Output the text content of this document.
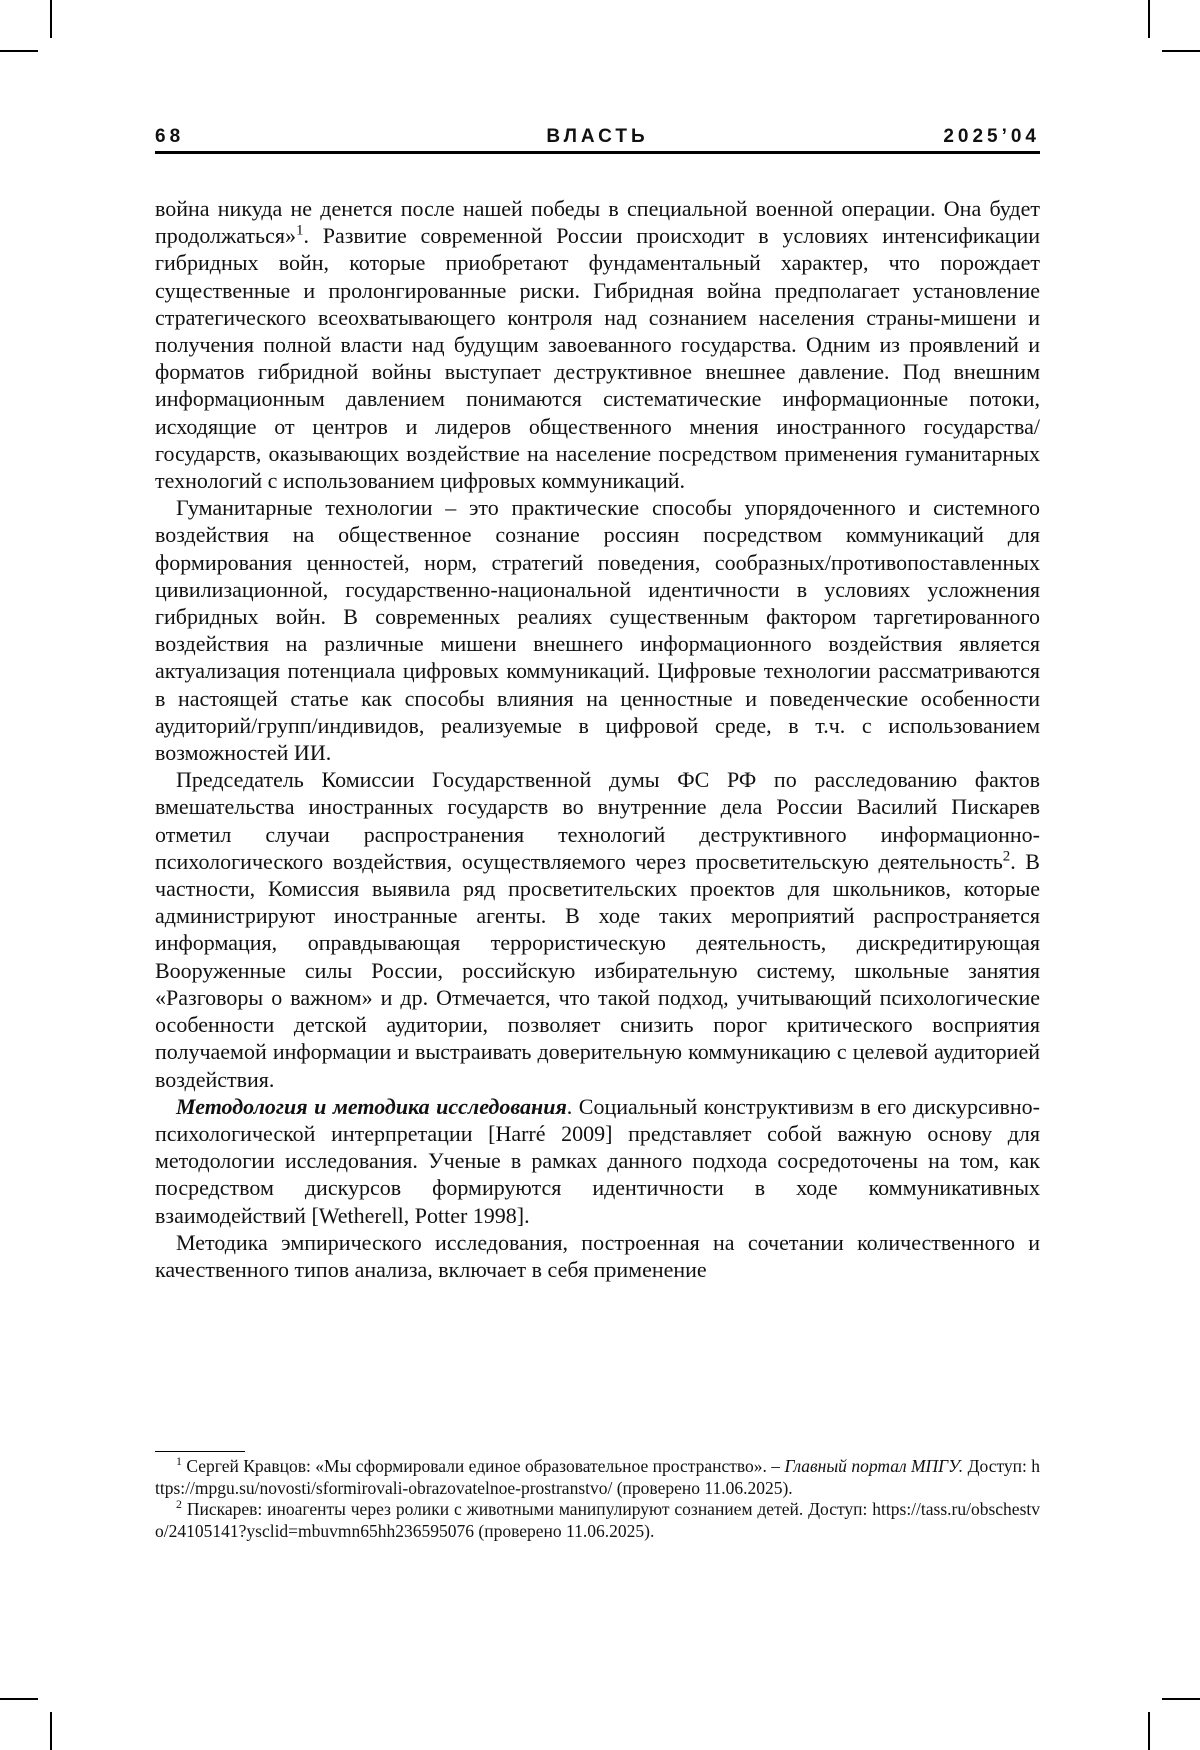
68	ВЛАСТЬ	2025’04

война никуда не денется после нашей победы в специальной военной операции. Она будет продолжаться»$^1$. Развитие современной России происходит в условиях интенсификации гибридных войн, которые приобретают фундаментальный характер, что порождает существенные и пролонгированные риски. Гибридная война предполагает установление стратегического всеохватывающего контроля над сознанием населения страны-мишени и получения полной власти над будущим завоеванного государства. Одним из проявлений и форматов гибридной войны выступает деструктивное внешнее давление. Под внешним информационным давлением понимаются систематические информационные потоки, исходящие от центров и лидеров общественного мнения иностранного государства/государств, оказывающих воздействие на население посредством применения гуманитарных технологий с использованием цифровых коммуникаций.

Гуманитарные технологии – это практические способы упорядоченного и системного воздействия на общественное сознание россиян посредством коммуникаций для формирования ценностей, норм, стратегий поведения, сообразных/противопоставленных цивилизационной, государственно-национальной идентичности в условиях усложнения гибридных войн. В современных реалиях существенным фактором таргетированного воздействия на различные мишени внешнего информационного воздействия является актуализация потенциала цифровых коммуникаций. Цифровые технологии рассматриваются в настоящей статье как способы влияния на ценностные и поведенческие особенности аудиторий/групп/индивидов, реализуемые в цифровой среде, в т.ч. с использованием возможностей ИИ.

Председатель Комиссии Государственной думы ФС РФ по расследованию фактов вмешательства иностранных государств во внутренние дела России Василий Пискарев отметил случаи распространения технологий деструктивного информационно-психологического воздействия, осуществляемого через просветительскую деятельность$^2$. В частности, Комиссия выявила ряд просветительских проектов для школьников, которые администрируют иностранные агенты. В ходе таких мероприятий распространяется информация, оправдывающая террористическую деятельность, дискредитирующая Вооруженные силы России, российскую избирательную систему, школьные занятия «Разговоры о важном» и др. Отмечается, что такой подход, учитывающий психологические особенности детской аудитории, позволяет снизить порог критического восприятия получаемой информации и выстраивать доверительную коммуникацию с целевой аудиторией воздействия.

Методология и методика исследования. Социальный конструктивизм в его дискурсивно-психологической интерпретации [Harré 2009] представляет собой важную основу для методологии исследования. Ученые в рамках данного подхода сосредоточены на том, как посредством дискурсов формируются идентичности в ходе коммуникативных взаимодействий [Wetherell, Potter 1998].

Методика эмпирического исследования, построенная на сочетании количественного и качественного типов анализа, включает в себя применение

$^1$ Сергей Кравцов: «Мы сформировали единое образовательное пространство». – Главный портал МПГУ. Доступ: https://mpgu.su/novosti/sformirovali-obrazovatelnoe-prostranstvo/ (проверено 11.06.2025).

$^2$ Пискарев: иноагенты через ролики с животными манипулируют сознанием детей. Доступ: https://tass.ru/obschestvo/24105141?ysclid=mbuvmn65hh236595076 (проверено 11.06.2025).
